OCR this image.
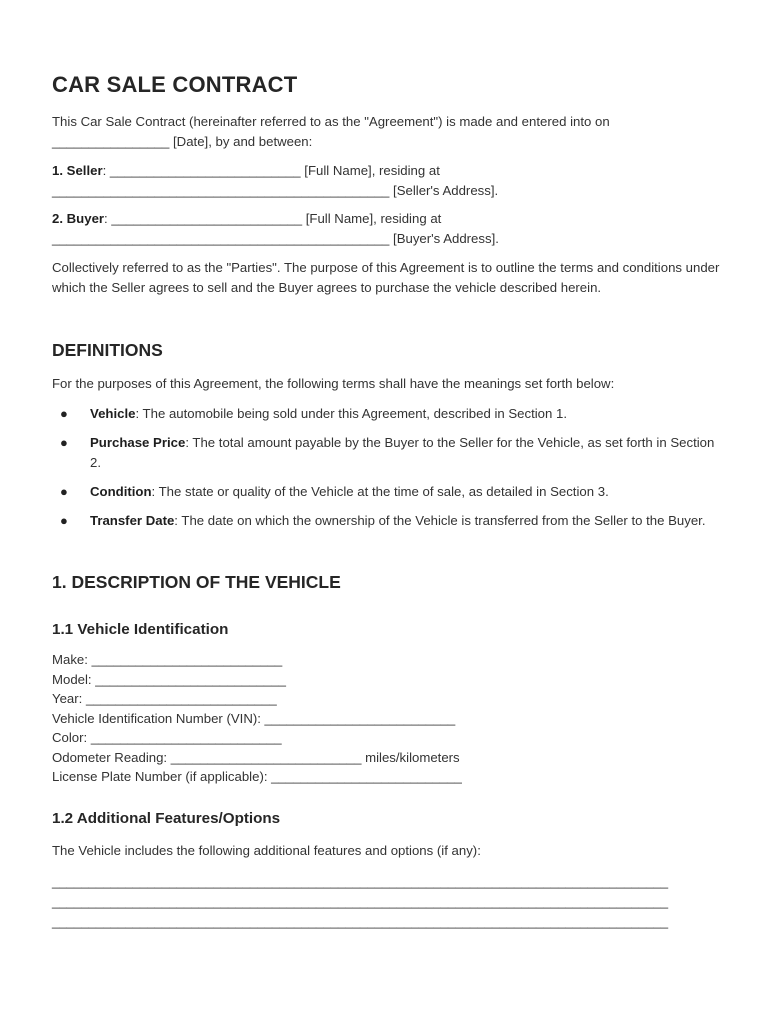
CAR SALE CONTRACT

This Car Sale Contract (hereinafter referred to as the "Agreement") is made and entered into on
________________ [Date], by and between:

1. Seller: __________________________ [Full Name], residing at
______________________________________________ [Seller's Address].

2. Buyer: __________________________ [Full Name], residing at
______________________________________________ [Buyer's Address].

Collectively referred to as the "Parties". The purpose of this Agreement is to outline the terms and conditions under which the Seller agrees to sell and the Buyer agrees to purchase the vehicle described herein.

DEFINITIONS

For the purposes of this Agreement, the following terms shall have the meanings set forth below:

● Vehicle: The automobile being sold under this Agreement, described in Section 1.
● Purchase Price: The total amount payable by the Buyer to the Seller for the Vehicle, as set forth in Section 2.
● Condition: The state or quality of the Vehicle at the time of sale, as detailed in Section 3.
● Transfer Date: The date on which the ownership of the Vehicle is transferred from the Seller to the Buyer.
1. DESCRIPTION OF THE VEHICLE
1.1 Vehicle Identification
Make: __________________________
Model: __________________________
Year: __________________________
Vehicle Identification Number (VIN): __________________________
Color: __________________________
Odometer Reading: __________________________ miles/kilometers
License Plate Number (if applicable): __________________________
1.2 Additional Features/Options

The Vehicle includes the following additional features and options (if any):

____________________________________________________________________________________
____________________________________________________________________________________
____________________________________________________________________________________
